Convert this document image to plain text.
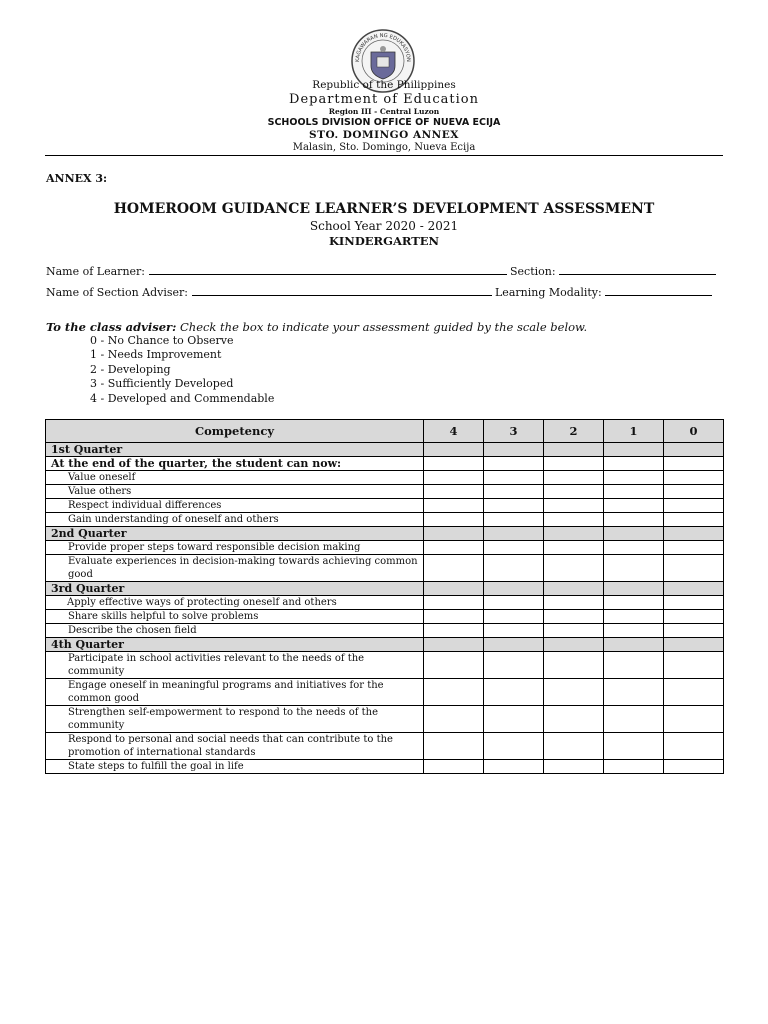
KAGAWARAN NG EDUKASYON
Republic of the Philippines
Department of Education
Region III - Central Luzon
SCHOOLS DIVISION OFFICE OF NUEVA ECIJA
STO. DOMINGO ANNEX
Malasin, Sto. Domingo, Nueva Ecija
ANNEX 3:
HOMEROOM GUIDANCE LEARNER’S DEVELOPMENT ASSESSMENT
School Year 2020 - 2021
KINDERGARTEN
Name of Learner:	Section:
Name of Section Adviser:	Learning Modality:
To the class adviser: Check the box to indicate your assessment guided by the scale below.
0 - No Chance to Observe
1 - Needs Improvement
2 - Developing
3 - Sufficiently Developed
4 - Developed and Commendable
Competency	4	3	2	1	0
1st Quarter					
At the end of the quarter, the student can now:					
Value oneself					
Value others					
Respect individual differences					
Gain understanding of oneself and others					
2nd Quarter					
Provide proper steps toward responsible decision making					
Evaluate experiences in decision-making towards achieving common good					
3rd Quarter					
Apply effective ways of protecting oneself and others					
Share skills helpful to solve problems					
Describe the chosen field					
4th Quarter					
Participate in school activities relevant to the needs of the community					
Engage oneself in meaningful programs and initiatives for the common good					
Strengthen self-empowerment to respond to the needs of the community					
Respond to personal and social needs that can contribute to the promotion of international standards					
State steps to fulfill the goal in life					
